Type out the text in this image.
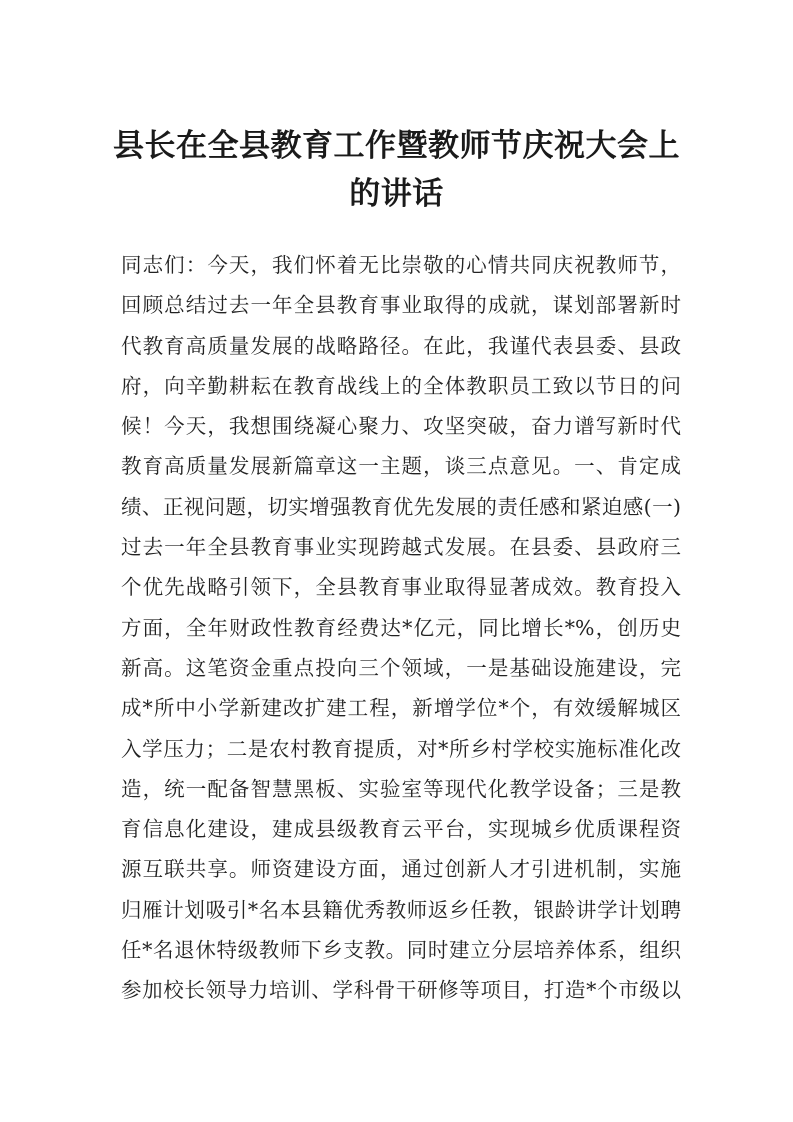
县长在全县教育工作暨教师节庆祝大会上
的讲话
同志们：今天，我们怀着无比崇敬的心情共同庆祝教师节，
回顾总结过去一年全县教育事业取得的成就，谋划部署新时
代教育高质量发展的战略路径。在此，我谨代表县委、县政
府，向辛勤耕耘在教育战线上的全体教职员工致以节日的问
候！今天，我想围绕凝心聚力、攻坚突破，奋力谱写新时代
教育高质量发展新篇章这一主题，谈三点意见。一、肯定成
绩、正视问题，切实增强教育优先发展的责任感和紧迫感(一)
过去一年全县教育事业实现跨越式发展。在县委、县政府三
个优先战略引领下，全县教育事业取得显著成效。教育投入
方面，全年财政性教育经费达*亿元，同比增长*%，创历史
新高。这笔资金重点投向三个领域，一是基础设施建设，完
成*所中小学新建改扩建工程，新增学位*个，有效缓解城区
入学压力；二是农村教育提质，对*所乡村学校实施标准化改
造，统一配备智慧黑板、实验室等现代化教学设备；三是教
育信息化建设，建成县级教育云平台，实现城乡优质课程资
源互联共享。师资建设方面，通过创新人才引进机制，实施
归雁计划吸引*名本县籍优秀教师返乡任教，银龄讲学计划聘
任*名退休特级教师下乡支教。同时建立分层培养体系，组织
参加校长领导力培训、学科骨干研修等项目，打造*个市级以
